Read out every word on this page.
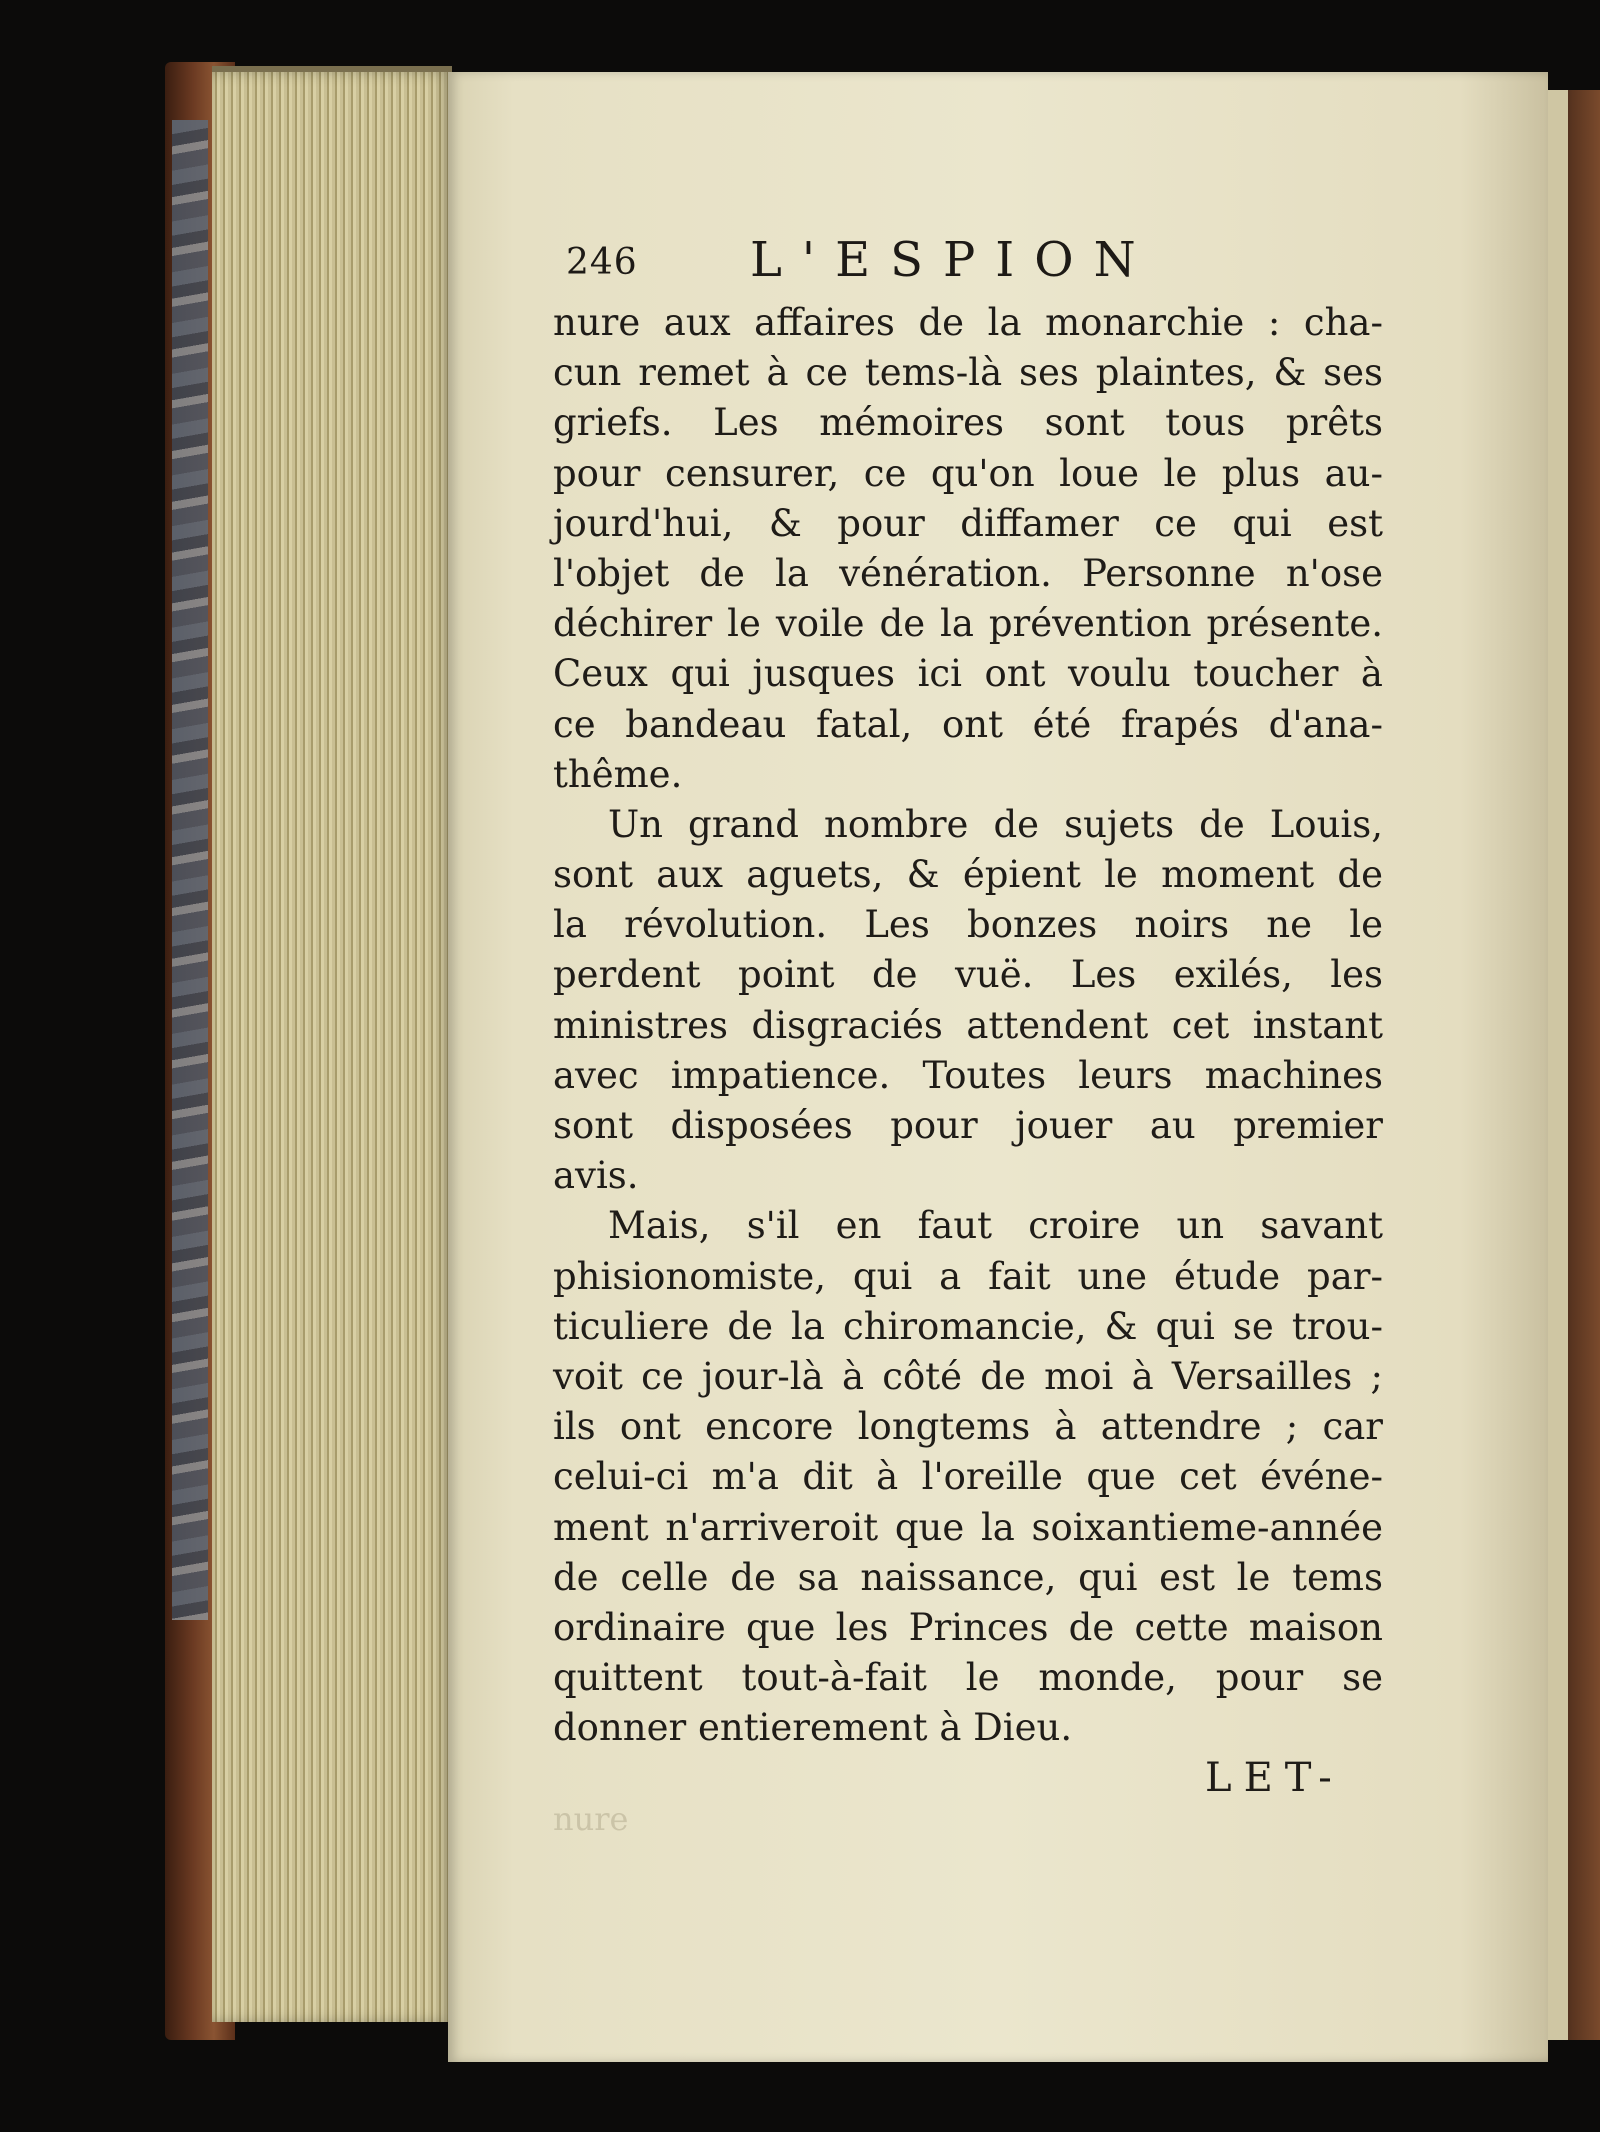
246 L'ESPION
nure aux affaires de la monarchie : cha-
cun remet à ce tems-là ses plaintes, & ses
griefs. Les mémoires sont tous prêts
pour censurer, ce qu'on loue le plus au-
jourd'hui, & pour diffamer ce qui est
l'objet de la vénération. Personne n'ose
déchirer le voile de la prévention présente.
Ceux qui jusques ici ont voulu toucher à
ce bandeau fatal, ont été frapés d'ana-
thême.
Un grand nombre de sujets de Louis,
sont aux aguets, & épient le moment de
la révolution. Les bonzes noirs ne le
perdent point de vuë. Les exilés, les
ministres disgraciés attendent cet instant
avec impatience. Toutes leurs machines
sont disposées pour jouer au premier
avis.
Mais, s'il en faut croire un savant
phisionomiste, qui a fait une étude par-
ticuliere de la chiromancie, & qui se trou-
voit ce jour-là à côté de moi à Versailles ;
ils ont encore longtems à attendre ; car
celui-ci m'a dit à l'oreille que cet événe-
ment n'arriveroit que la soixantieme-année
de celle de sa naissance, qui est le tems
ordinaire que les Princes de cette maison
quittent tout-à-fait le monde, pour se
donner entierement à Dieu.
LET-
nure
